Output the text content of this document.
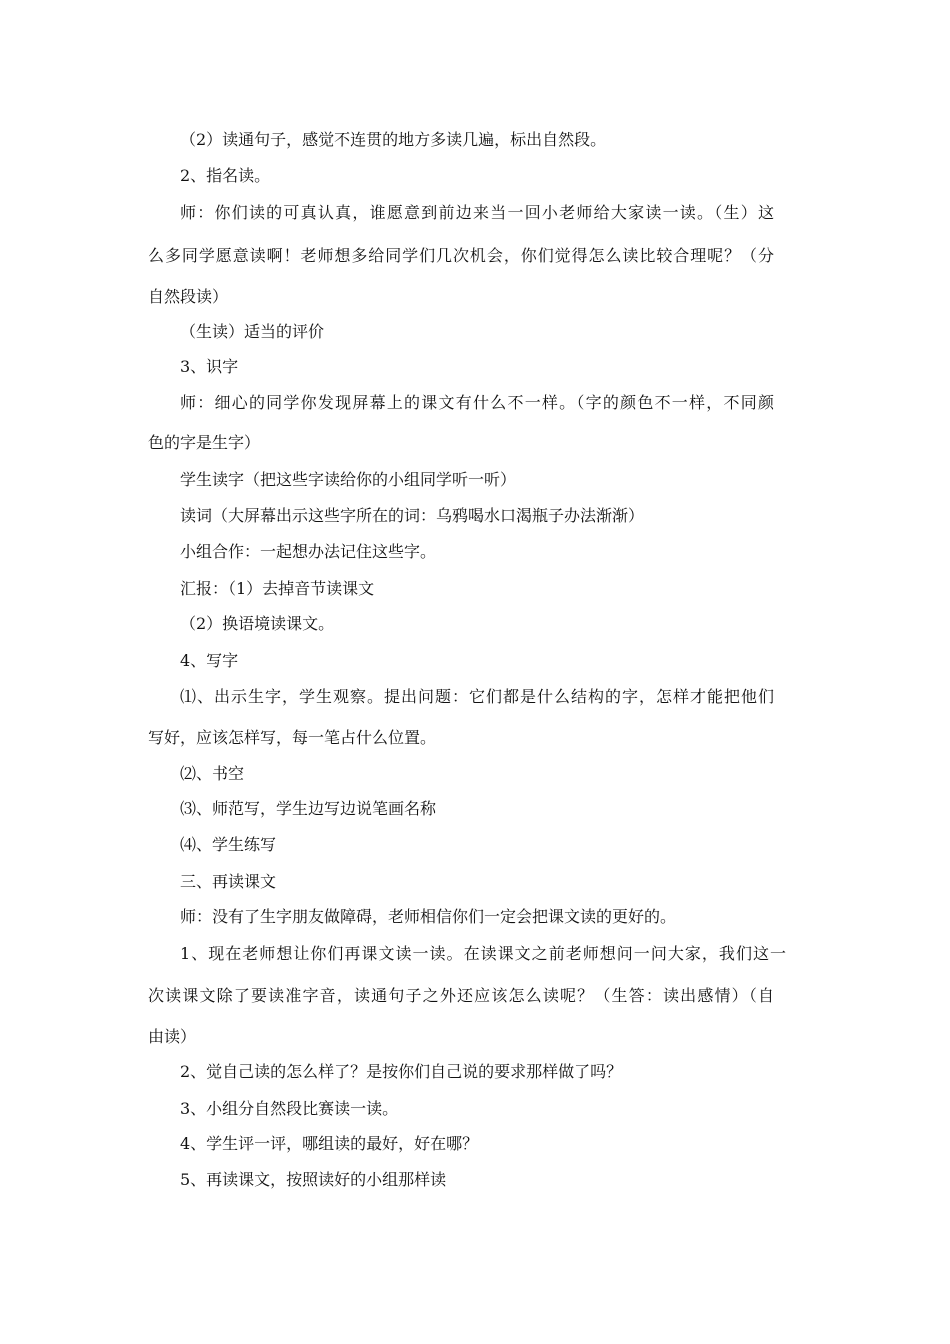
（2）读通句子，感觉不连贯的地方多读几遍，标出自然段。
2、指名读。
师：你们读的可真认真，谁愿意到前边来当一回小老师给大家读一读。（生）这
么多同学愿意读啊！老师想多给同学们几次机会，你们觉得怎么读比较合理呢？（分
自然段读）
（生读）适当的评价
3、识字
师：细心的同学你发现屏幕上的课文有什么不一样。（字的颜色不一样，不同颜
色的字是生字）
学生读字（把这些字读给你的小组同学听一听）
读词（大屏幕出示这些字所在的词：乌鸦喝水口渴瓶子办法渐渐）
小组合作：一起想办法记住这些字。
汇报：（1）去掉音节读课文
（2）换语境读课文。
4、写字
⑴、出示生字，学生观察。提出问题：它们都是什么结构的字，怎样才能把他们
写好，应该怎样写，每一笔占什么位置。
⑵、书空
⑶、师范写，学生边写边说笔画名称
⑷、学生练写
三、再读课文
师：没有了生字朋友做障碍，老师相信你们一定会把课文读的更好的。
1、现在老师想让你们再课文读一读。在读课文之前老师想问一问大家，我们这一
次读课文除了要读准字音，读通句子之外还应该怎么读呢？（生答：读出感情）（自
由读）
2、觉自己读的怎么样了？是按你们自己说的要求那样做了吗？
3、小组分自然段比赛读一读。
4、学生评一评，哪组读的最好，好在哪？
5、再读课文，按照读好的小组那样读
